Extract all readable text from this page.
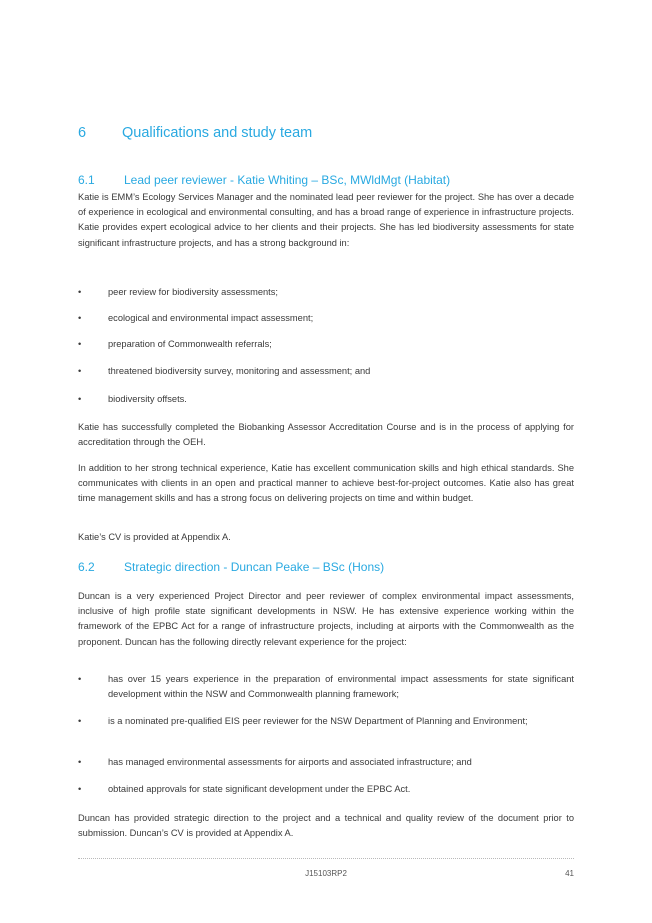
6	Qualifications and study team
6.1	Lead peer reviewer - Katie Whiting – BSc, MWldMgt (Habitat)

Katie is EMM’s Ecology Services Manager and the nominated lead peer reviewer for the project. She has over a decade of experience in ecological and environmental consulting, and has a broad range of experience in infrastructure projects. Katie provides expert ecological advice to her clients and their projects. She has led biodiversity assessments for state significant infrastructure projects, and has a strong background in:

•	peer review for biodiversity assessments;
•	ecological and environmental impact assessment;
•	preparation of Commonwealth referrals;
•	threatened biodiversity survey, monitoring and assessment; and
•	biodiversity offsets.

Katie has successfully completed the Biobanking Assessor Accreditation Course and is in the process of applying for accreditation through the OEH.

In addition to her strong technical experience, Katie has excellent communication skills and high ethical standards. She communicates with clients in an open and practical manner to achieve best-for-project outcomes. Katie also has great time management skills and has a strong focus on delivering projects on time and within budget.

Katie’s CV is provided at Appendix A.

6.2	Strategic direction - Duncan Peake – BSc (Hons)

Duncan is a very experienced Project Director and peer reviewer of complex environmental impact assessments, inclusive of high profile state significant developments in NSW. He has extensive experience working within the framework of the EPBC Act for a range of infrastructure projects, including at airports with the Commonwealth as the proponent. Duncan has the following directly relevant experience for the project:

•	has over 15 years experience in the preparation of environmental impact assessments for state significant development within the NSW and Commonwealth planning framework;
•	is a nominated pre-qualified EIS peer reviewer for the NSW Department of Planning and Environment;
•	has managed environmental assessments for airports and associated infrastructure; and
•	obtained approvals for state significant development under the EPBC Act.

Duncan has provided strategic direction to the project and a technical and quality review of the document prior to submission. Duncan’s CV is provided at Appendix A.

J15103RP2	41
